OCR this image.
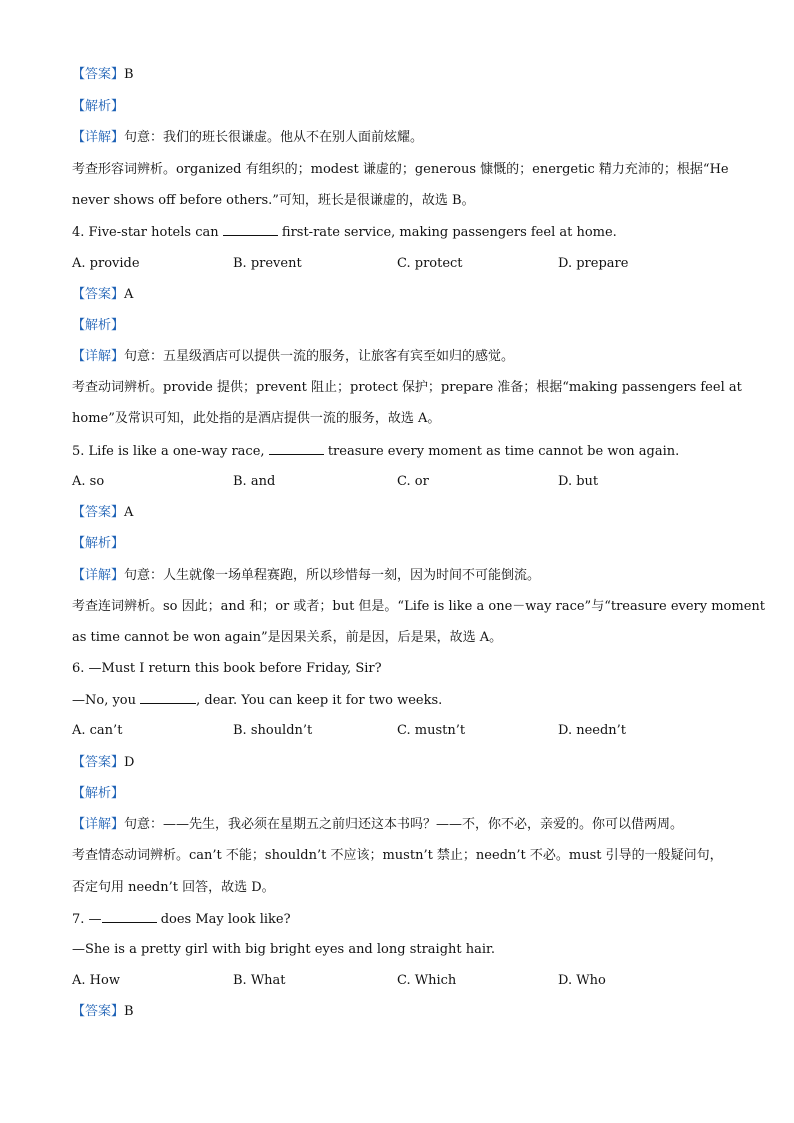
【答案】B
【解析】
【详解】句意：我们的班长很谦虚。他从不在别人面前炫耀。
考查形容词辨析。organized 有组织的；modest 谦虚的；generous 慷慨的；energetic 精力充沛的；根据“He
never shows off before others.”可知，班长是很谦虚的，故选 B。
4. Five-star hotels can	first-rate service, making passengers feel at home.
A. provide	B. prevent	C. protect	D. prepare
【答案】A
【解析】
【详解】句意：五星级酒店可以提供一流的服务，让旅客有宾至如归的感觉。
考查动词辨析。provide 提供；prevent 阻止；protect 保护；prepare 准备；根据“making passengers feel at
home”及常识可知，此处指的是酒店提供一流的服务，故选 A。
5. Life is like a one-way race,	treasure every moment as time cannot be won again.
A. so	B. and	C. or	D. but
【答案】A
【解析】
【详解】句意：人生就像一场单程赛跑，所以珍惜每一刻，因为时间不可能倒流。
考查连词辨析。so 因此；and 和；or 或者；but 但是。“Life is like a one－way race”与“treasure every moment
as time cannot be won again”是因果关系，前是因，后是果，故选 A。
6. —Must I return this book before Friday, Sir?
—No, you	, dear. You can keep it for two weeks.
A. can’t	B. shouldn’t	C. mustn’t	D. needn’t
【答案】D
【解析】
【详解】句意：——先生，我必须在星期五之前归还这本书吗？——不，你不必，亲爱的。你可以借两周。
考查情态动词辨析。can’t 不能；shouldn’t 不应该；mustn’t 禁止；needn’t 不必。must 引导的一般疑问句，
否定句用 needn’t 回答，故选 D。
7. —	does May look like?
—She is a pretty girl with big bright eyes and long straight hair.
A. How	B. What	C. Which	D. Who
【答案】B
